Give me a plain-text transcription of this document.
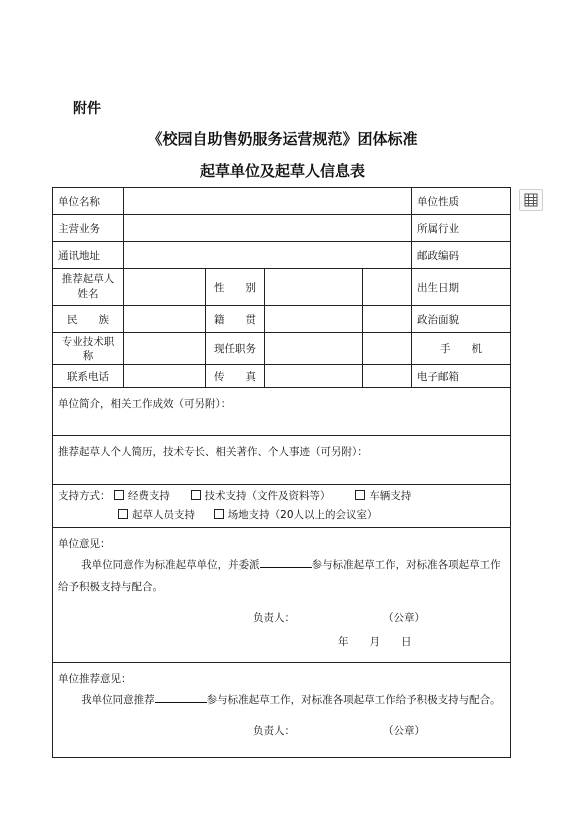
附件
《校园自助售奶服务运营规范》团体标准
起草单位及起草人信息表
单位名称					单位性质
主营业务					所属行业
通讯地址					邮政编码
推荐起草人姓名		性　　别			出生日期
民　　族		籍　　贯			政治面貌
专业技术职称		现任职务			手　　机
联系电话		传　　真			电子邮箱
单位简介，相关工作成效（可另附）：					
推荐起草人个人简历，技术专长、相关著作、个人事迹（可另附）：					

支持方式： 经费支持 技术支持（文件及资料等） 车辆支持
起草人员支持 场地支持（20人以上的会议室）					

单位意见：
我单位同意作为标准起草单位，并委派 参与标准起草工作，对标准各项起草工作给予积极支持与配合。
负责人： （公章）
年　　月　　日					

单位推荐意见：
我单位同意推荐 参与标准起草工作，对标准各项起草工作给予积极支持与配合。
负责人： （公章）					
